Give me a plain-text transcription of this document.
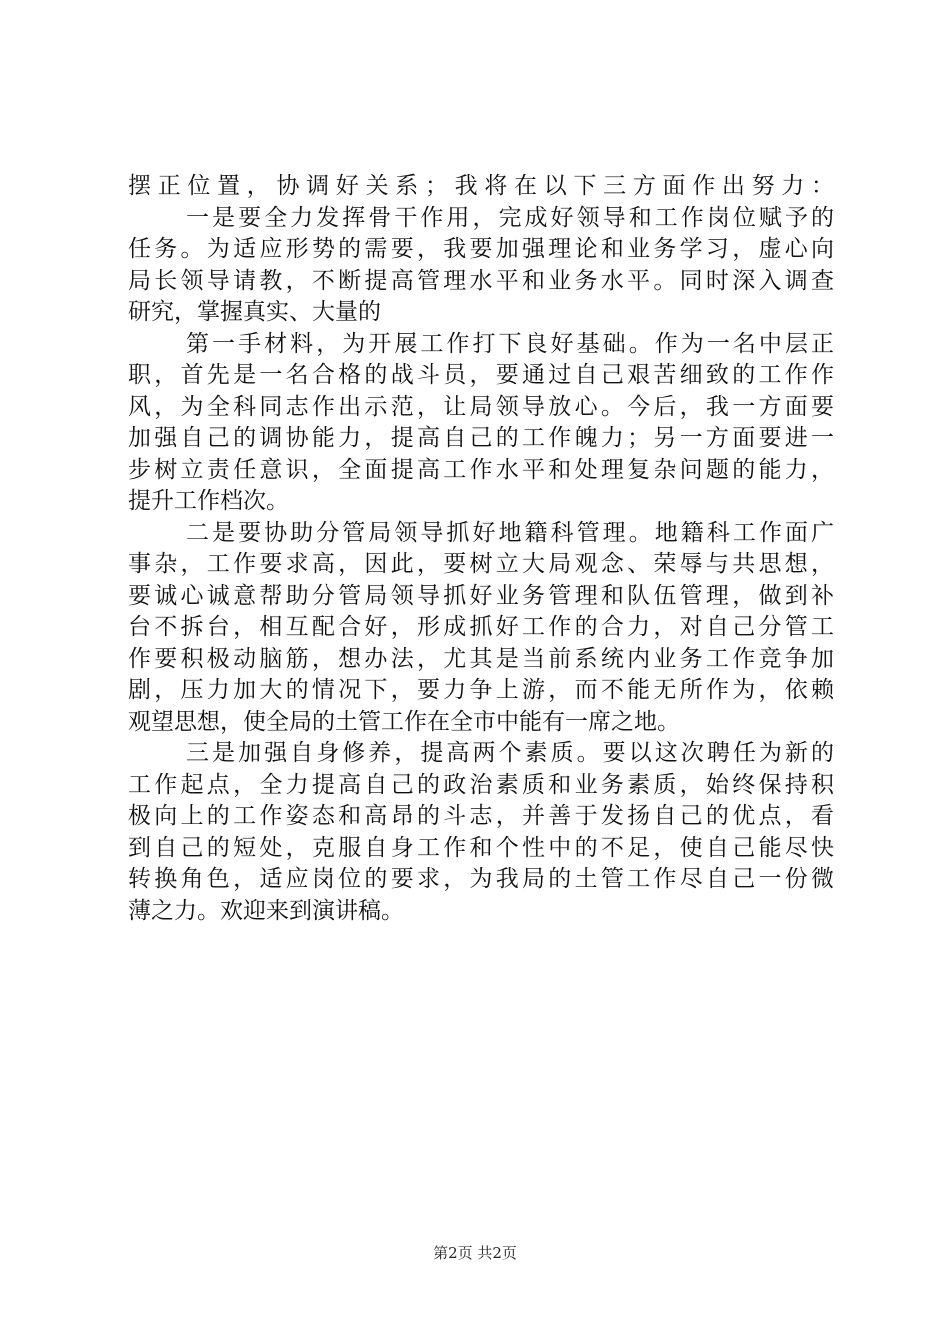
摆正位置，协调好关系；我将在以下三方面作出努力：
一是要全力发挥骨干作用，完成好领导和工作岗位赋予的
任务。为适应形势的需要，我要加强理论和业务学习，虚心向
局长领导请教，不断提高管理水平和业务水平。同时深入调查
研究，掌握真实、大量的
第一手材料，为开展工作打下良好基础。作为一名中层正
职，首先是一名合格的战斗员，要通过自己艰苦细致的工作作
风，为全科同志作出示范，让局领导放心。今后，我一方面要
加强自己的调协能力，提高自己的工作魄力；另一方面要进一
步树立责任意识，全面提高工作水平和处理复杂问题的能力，
提升工作档次。
二是要协助分管局领导抓好地籍科管理。地籍科工作面广
事杂，工作要求高，因此，要树立大局观念、荣辱与共思想，
要诚心诚意帮助分管局领导抓好业务管理和队伍管理，做到补
台不拆台，相互配合好，形成抓好工作的合力，对自己分管工
作要积极动脑筋，想办法，尤其是当前系统内业务工作竞争加
剧，压力加大的情况下，要力争上游，而不能无所作为，依赖
观望思想，使全局的土管工作在全市中能有一席之地。
三是加强自身修养，提高两个素质。要以这次聘任为新的
工作起点，全力提高自己的政治素质和业务素质，始终保持积
极向上的工作姿态和高昂的斗志，并善于发扬自己的优点，看
到自己的短处，克服自身工作和个性中的不足，使自己能尽快
转换角色，适应岗位的要求，为我局的土管工作尽自己一份微
薄之力。欢迎来到演讲稿。
第2页 共2页
